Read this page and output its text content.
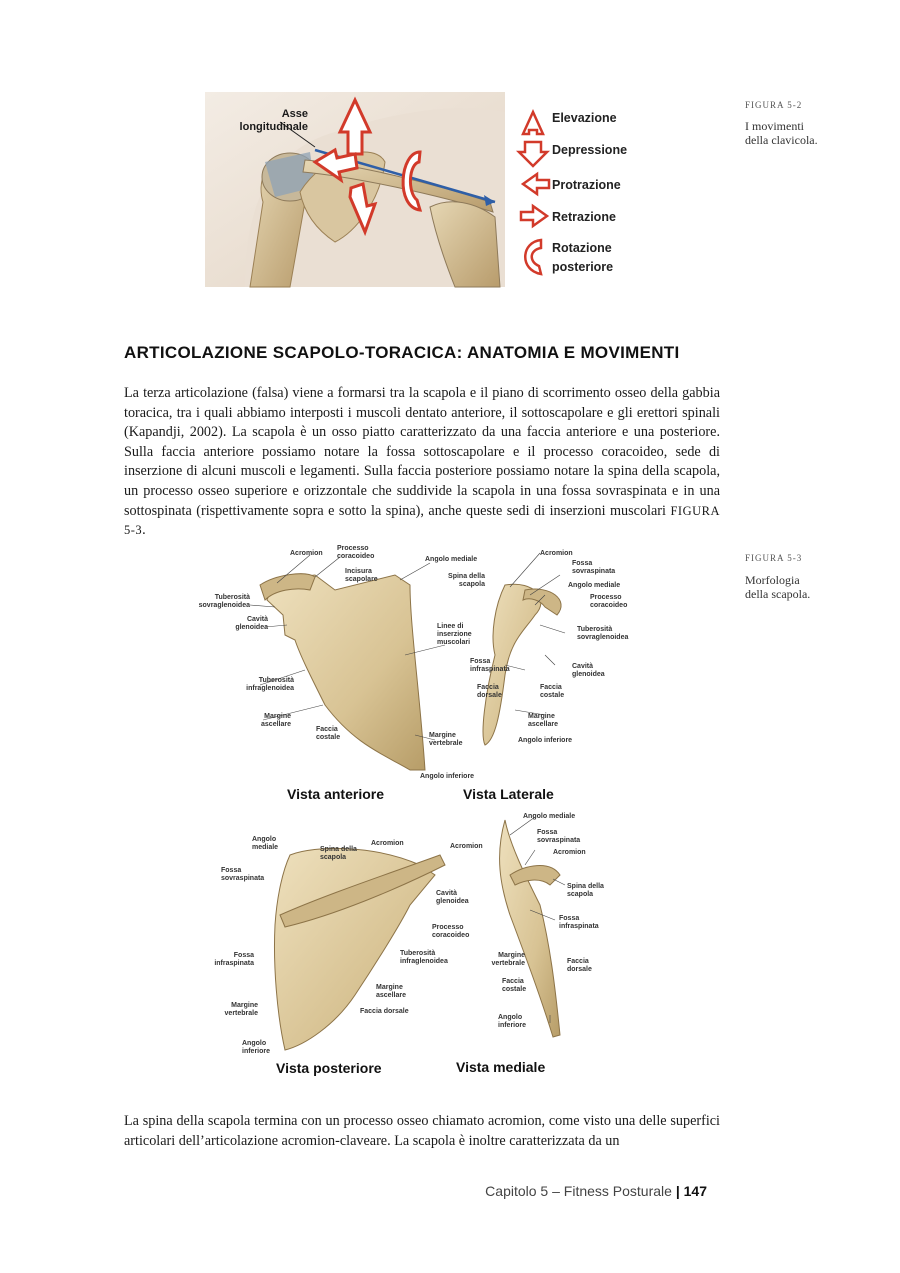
Asse
longitudinale
Elevazione
Depressione
Protrazione
Retrazione
Rotazione
posteriore
FIGURA 5-2
I movimenti
della clavicola.
ARTICOLAZIONE SCAPOLO-TORACICA: ANATOMIA E MOVIMENTI

La terza articolazione (falsa) viene a formarsi tra la scapola e il piano di scorrimento osseo della gabbia toracica, tra i quali abbiamo interposti i muscoli dentato anteriore, il sottoscapolare e gli erettori spinali (Kapandji, 2002). La scapola è un osso piatto caratterizzato da una faccia anteriore e una posteriore. Sulla faccia anteriore possiamo notare la fossa sottoscapolare e il processo coracoideo, sede di inserzione di alcuni muscoli e legamenti. Sulla faccia posteriore possiamo notare la spina della scapola, un processo osseo superiore e orizzontale che suddivide la scapola in una fossa sovraspinata e in una sottospinata (rispettivamente sopra e sotto la spina), anche queste sedi di inserzioni muscolari FIGURA 5-3.

Acromion
Processo coracoideo
Incisura scapolare
Angolo mediale
Tuberosità sovraglenoidea
Cavità glenoidea	Linee di inserzione muscolari
Tuberosità infraglenoidea
Margine ascellare
Faccia costale	Margine vertebrale
Angolo inferiore
Acromion
Fossa sovraspinata
Spina della scapola	Angolo mediale
Processo coracoideo
Tuberosità sovraglenoidea
Fossa infraspinata	Cavità glenoidea
Faccia dorsale
Faccia costale
Margine ascellare
Angolo inferiore
Vista anteriore	Vista Laterale
Angolo mediale	Spina della scapola
Acromion
Fossa sovraspinata
Cavità glenoidea
Processo coracoideo
Fossa infraspinata
Tuberosità infraglenoidea
Margine ascellare
Margine vertebrale	Faccia dorsale
Angolo inferiore
Angolo mediale
Fossa sovraspinata
Acromion
Acromion
Spina della scapola
Fossa infraspinata
Margine vertebrale	Faccia dorsale
Faccia costale
Angolo inferiore
Vista posteriore	Vista mediale
FIGURA 5-3
Morfologia
della scapola.

La spina della scapola termina con un processo osseo chiamato acromion, come visto una delle superfici articolari dell’articolazione acromion-claveare. La scapola è inoltre caratterizzata da un

Capitolo 5 – Fitness Posturale | 147
